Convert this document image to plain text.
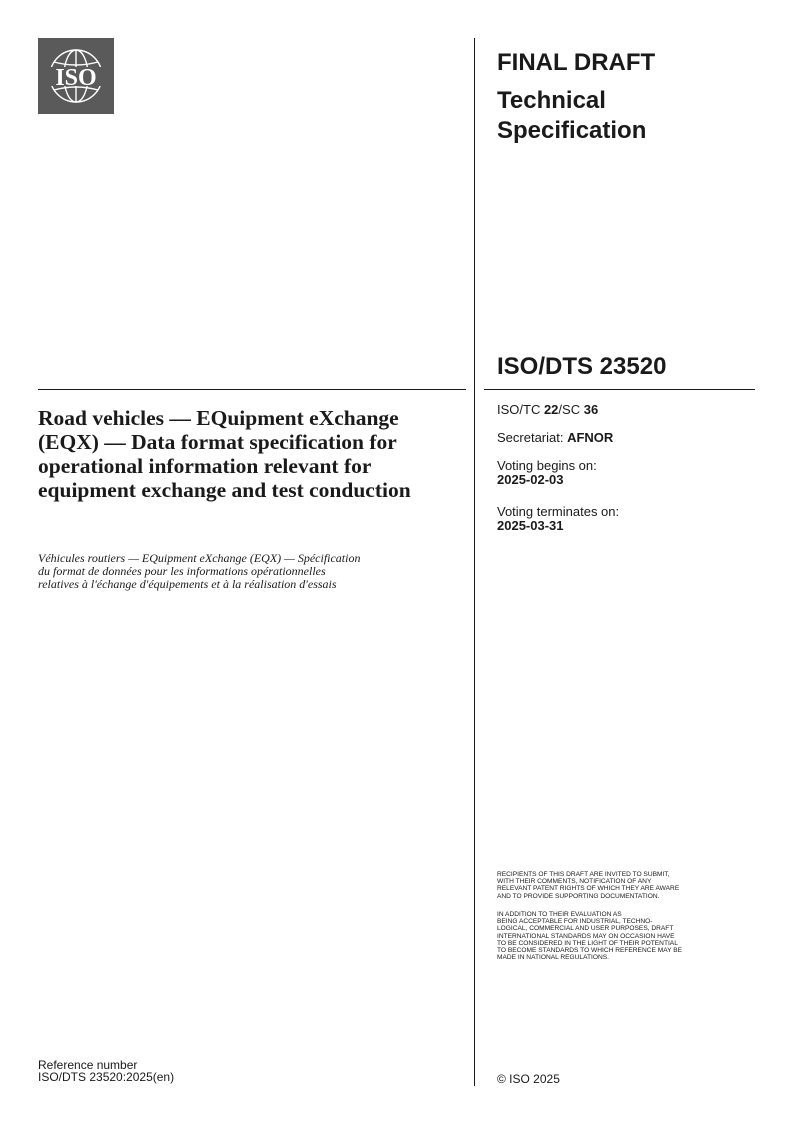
ISO
FINAL DRAFT
Technical
Specification
ISO/DTS 23520
Road vehicles — EQuipment eXchange (EQX) — Data format specification for operational information relevant for equipment exchange and test conduction
Véhicules routiers — EQuipment eXchange (EQX) — Spécification
du format de données pour les informations opérationnelles
relatives à l'échange d'équipements et à la réalisation d'essais
ISO/TC 22/SC 36
Secretariat: AFNOR
Voting begins on:
2025-02-03
Voting terminates on:
2025-03-31
RECIPIENTS OF THIS DRAFT ARE INVITED TO SUBMIT,
WITH THEIR COMMENTS, NOTIFICATION OF ANY
RELEVANT PATENT RIGHTS OF WHICH THEY ARE AWARE
AND TO PROVIDE SUPPORTING DOCUMENTATION.
IN ADDITION TO THEIR EVALUATION AS
BEING ACCEPTABLE FOR INDUSTRIAL, TECHNO-
LOGICAL, COMMERCIAL AND USER PURPOSES, DRAFT
INTERNATIONAL STANDARDS MAY ON OCCASION HAVE
TO BE CONSIDERED IN THE LIGHT OF THEIR POTENTIAL
TO BECOME STANDARDS TO WHICH REFERENCE MAY BE
MADE IN NATIONAL REGULATIONS.
Reference number
ISO/DTS 23520:2025(en)	© ISO 2025
